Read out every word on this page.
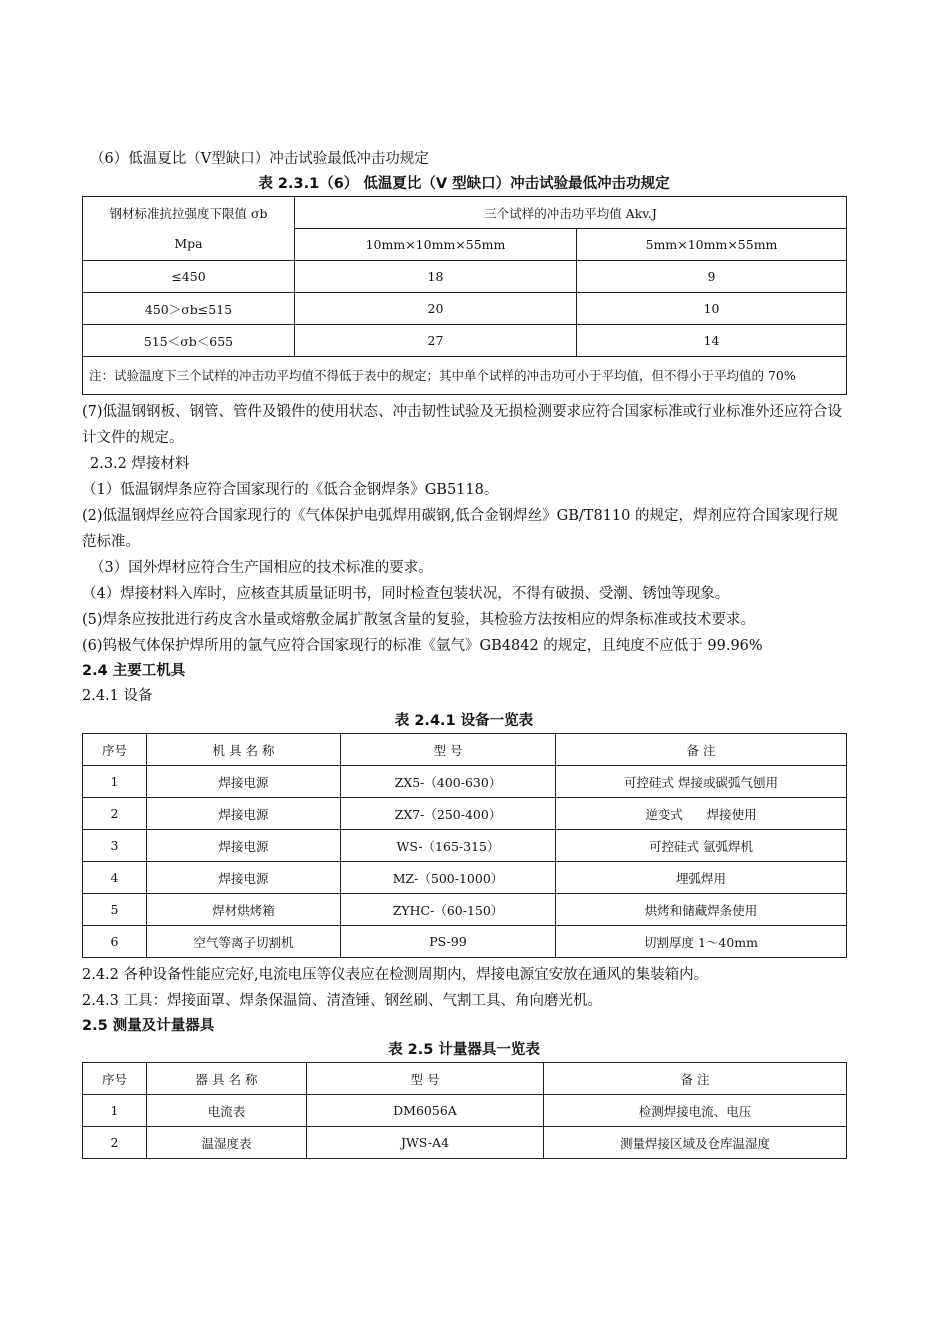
（6）低温夏比（V型缺口）冲击试验最低冲击功规定

表 2.3.1（6） 低温夏比（V 型缺口）冲击试验最低冲击功规定

钢材标准抗拉强度下限值 σb
Mpa	三个试样的冲击功平均值 Akv.J	
	10mm×10mm×55mm	5mm×10mm×55mm
≤450	18	9
450＞σb≤515	20	10
515＜σb＜655	27	14
注：试验温度下三个试样的冲击功平均值不得低于表中的规定；其中单个试样的冲击功可小于平均值，但不得小于平均值的 70%		

(7)低温钢钢板、钢管、管件及锻件的使用状态、冲击韧性试验及无损检测要求应符合国家标准或行业标准外还应符合设计文件的规定。

2.3.2 焊接材料

（1）低温钢焊条应符合国家现行的《低合金钢焊条》GB5118。

(2)低温钢焊丝应符合国家现行的《气体保护电弧焊用碳钢,低合金钢焊丝》GB/T8110 的规定，焊剂应符合国家现行规范标准。

（3）国外焊材应符合生产国相应的技术标准的要求。

（4）焊接材料入库时，应核查其质量证明书，同时检查包装状况，不得有破损、受潮、锈蚀等现象。

(5)焊条应按批进行药皮含水量或熔敷金属扩散氢含量的复验，其检验方法按相应的焊条标准或技术要求。

(6)钨极气体保护焊所用的氩气应符合国家现行的标准《氩气》GB4842 的规定，且纯度不应低于 99.96%

2.4 主要工机具

2.4.1 设备

表 2.4.1 设备一览表

序号	机 具 名 称	型 号	备 注
1	焊接电源	ZX5-（400-630）	可控硅式 焊接或碳弧气刨用
2	焊接电源	ZX7-（250-400）	逆变式      焊接使用
3	焊接电源	WS-（165-315）	可控硅式 氩弧焊机
4	焊接电源	MZ-（500-1000）	埋弧焊用
5	焊材烘烤箱	ZYHC-（60-150）	烘烤和储藏焊条使用
6	空气等离子切割机	PS-99	切割厚度 1～40mm

2.4.2 各种设备性能应完好,电流电压等仪表应在检测周期内，焊接电源宜安放在通风的集装箱内。

2.4.3 工具：焊接面罩、焊条保温筒、清渣锤、钢丝刷、气割工具、角向磨光机。

2.5 测量及计量器具

表 2.5 计量器具一览表

序号	器 具 名 称	型 号	备 注
1	电流表	DM6056A	检测焊接电流、电压
2	温湿度表	JWS-A4	测量焊接区域及仓库温湿度
